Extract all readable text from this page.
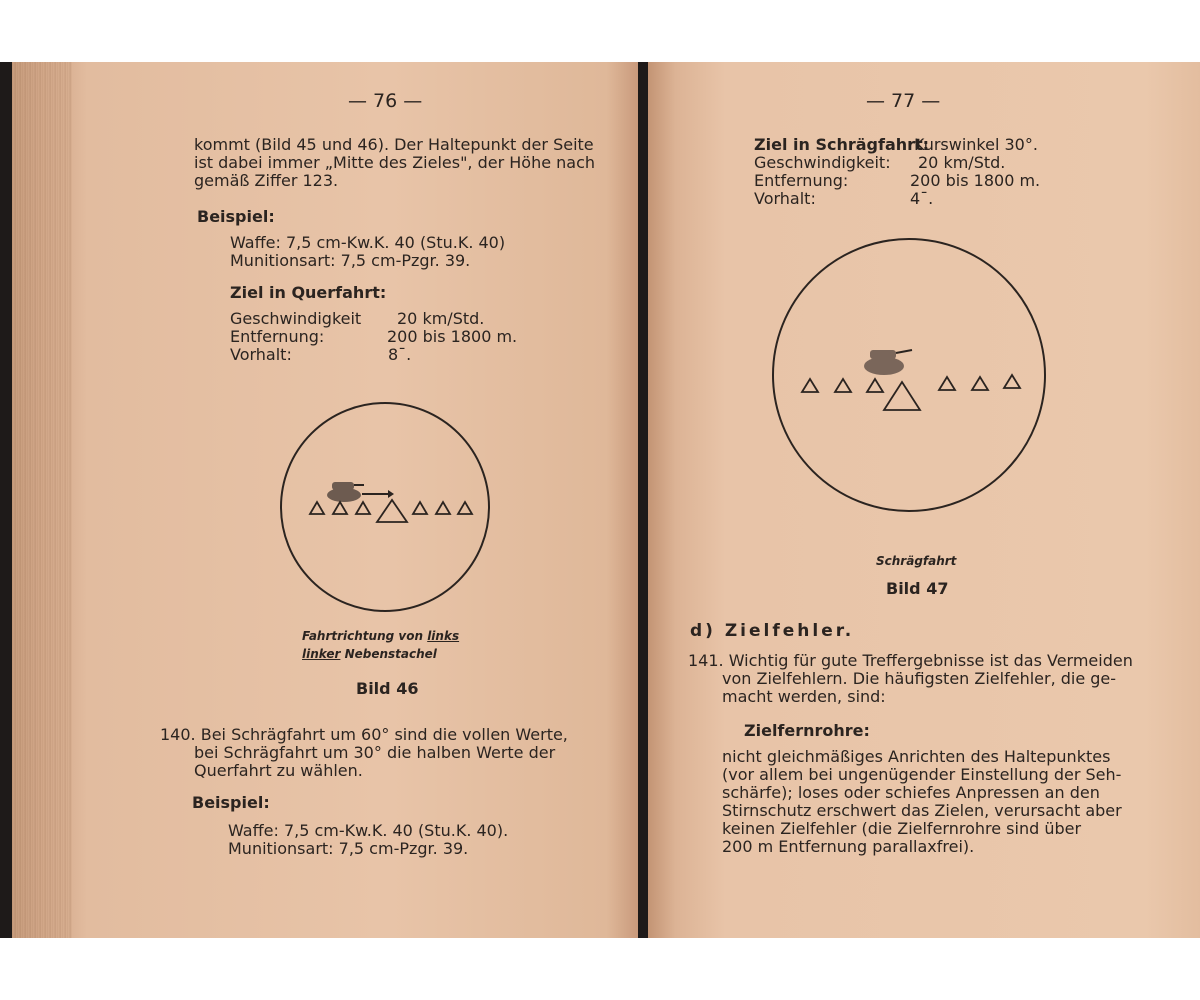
— 76 —
kommt (Bild 45 und 46). Der Haltepunkt der Seite
ist dabei immer „Mitte des Zieles", der Höhe nach
gemäß Ziffer 123.
Beispiel:
Waffe: 7,5 cm-Kw.K. 40 (Stu.K. 40)
Munitionsart: 7,5 cm-Pzgr. 39.
Ziel in Querfahrt:
Geschwindigkeit 20 km/Std.
Entfernung:	200 bis 1800 m.
Vorhalt:	8¯.
Fahrtrichtung von links
linker Nebenstachel
Bild 46
140. Bei Schrägfahrt um 60° sind die vollen Werte,
bei Schrägfahrt um 30° die halben Werte der
Querfahrt zu wählen.
Beispiel:
Waffe: 7,5 cm-Kw.K. 40 (Stu.K. 40).
Munitionsart: 7,5 cm-Pzgr. 39.
— 77 —
Ziel in Schrägfahrt:
Kurswinkel 30°.
Geschwindigkeit: 20 km/Std.
Entfernung:	200 bis 1800 m.
Vorhalt:	4¯.
Schrägfahrt
Bild 47
d) Zielfehler.
141. Wichtig für gute Treffergebnisse ist das Vermeiden
von Zielfehlern. Die häufigsten Zielfehler, die ge-
macht werden, sind:
Zielfernrohre:
nicht gleichmäßiges Anrichten des Haltepunktes
(vor allem bei ungenügender Einstellung der Seh-
schärfe); loses oder schiefes Anpressen an den
Stirnschutz erschwert das Zielen, verursacht aber
keinen Zielfehler (die Zielfernrohre sind über
200 m Entfernung parallaxfrei).
